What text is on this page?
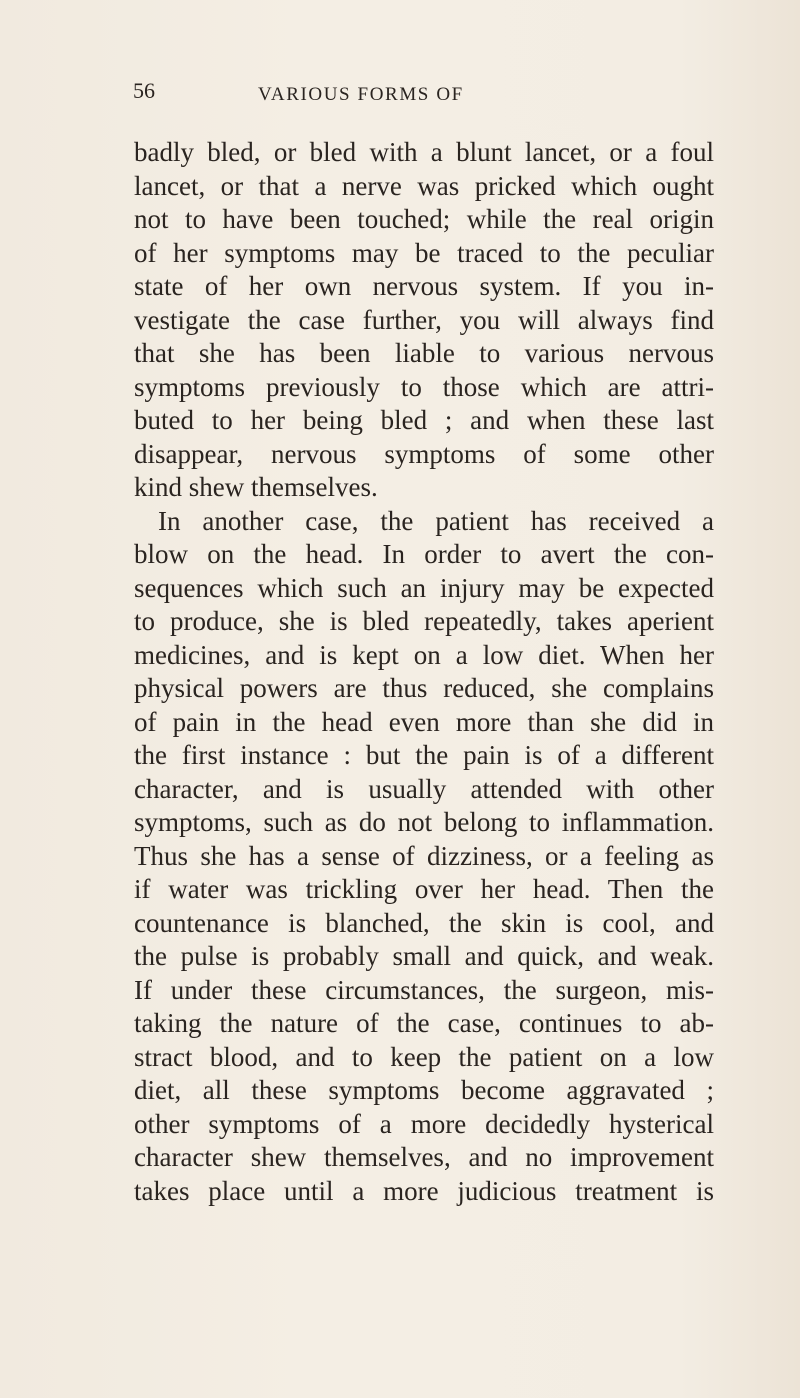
56	VARIOUS FORMS OF
badly bled, or bled with a blunt lancet, or a foul
lancet, or that a nerve was pricked which ought
not to have been touched; while the real origin
of her symptoms may be traced to the peculiar
state of her own nervous system. If you in-
vestigate the case further, you will always find
that she has been liable to various nervous
symptoms previously to those which are attri-
buted to her being bled ; and when these last
disappear, nervous symptoms of some other
kind shew themselves.
In another case, the patient has received a
blow on the head. In order to avert the con-
sequences which such an injury may be expected
to produce, she is bled repeatedly, takes aperient
medicines, and is kept on a low diet. When her
physical powers are thus reduced, she complains
of pain in the head even more than she did in
the first instance : but the pain is of a different
character, and is usually attended with other
symptoms, such as do not belong to inflammation.
Thus she has a sense of dizziness, or a feeling as
if water was trickling over her head. Then the
countenance is blanched, the skin is cool, and
the pulse is probably small and quick, and weak.
If under these circumstances, the surgeon, mis-
taking the nature of the case, continues to ab-
stract blood, and to keep the patient on a low
diet, all these symptoms become aggravated ;
other symptoms of a more decidedly hysterical
character shew themselves, and no improvement
takes place until a more judicious treatment is
